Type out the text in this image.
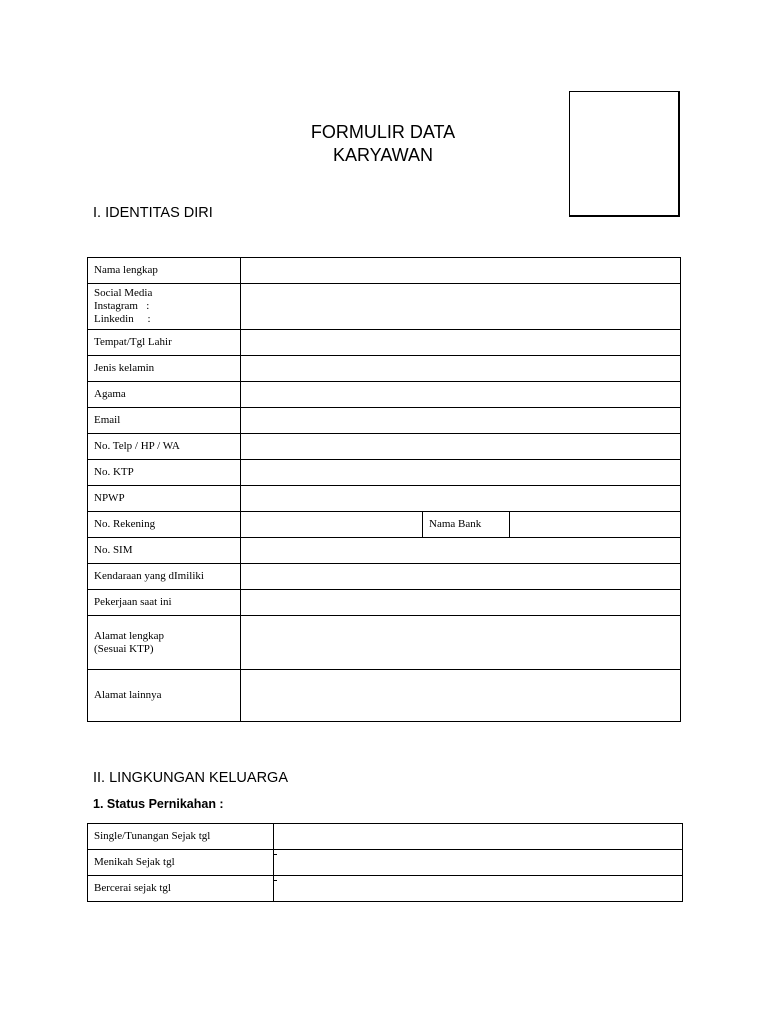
FORMULIR DATA
KARYAWAN
I. IDENTITAS DIRI
Nama lengkap			

Social Media
Instagram   :
Linkedin     :			

Tempat/Tgl Lahir			
Jenis kelamin			
Agama			
Email			
No. Telp / HP / WA			
No. KTP			
NPWP			
No. Rekening		Nama Bank	
No. SIM			
Kendaraan yang dImiliki			
Pekerjaan saat ini			

Alamat lengkap
(Sesuai KTP)			

Alamat lainnya			
II. LINGKUNGAN KELUARGA
1. Status Pernikahan :
Single/Tunangan Sejak tgl	
Menikah Sejak tgl	
Bercerai sejak tgl	
